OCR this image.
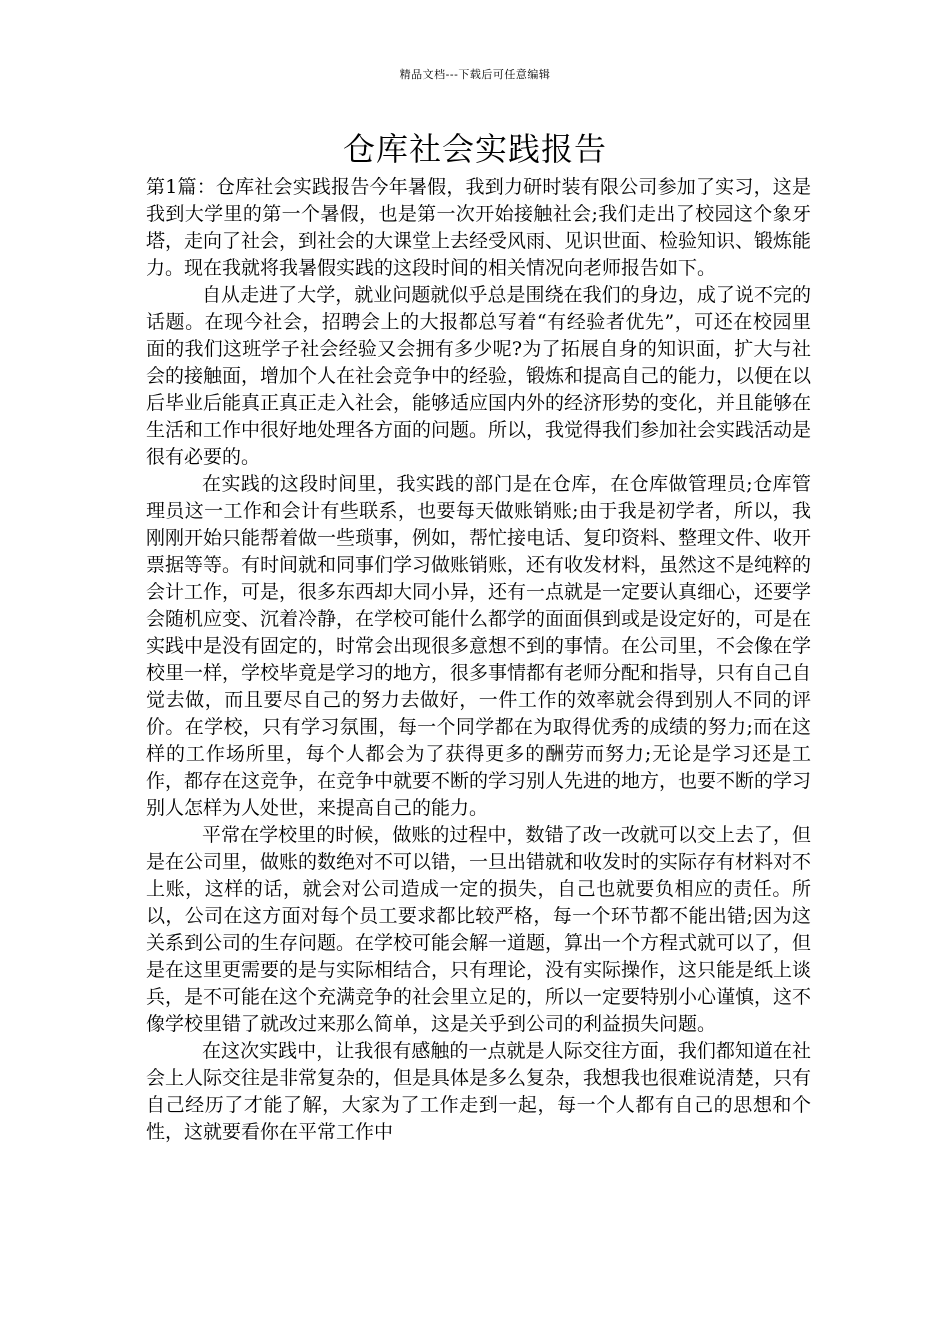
精品文档---下载后可任意编辑
仓库社会实践报告

第1篇：仓库社会实践报告今年暑假，我到力研时装有限公司参加了实习，这是我到大学里的第一个暑假，也是第一次开始接触社会;我们走出了校园这个象牙塔，走向了社会，到社会的大课堂上去经受风雨、见识世面、检验知识、锻炼能力。现在我就将我暑假实践的这段时间的相关情况向老师报告如下。

自从走进了大学，就业问题就似乎总是围绕在我们的身边，成了说不完的话题。在现今社会，招聘会上的大报都总写着“有经验者优先”，可还在校园里面的我们这班学子社会经验又会拥有多少呢?为了拓展自身的知识面，扩大与社会的接触面，增加个人在社会竞争中的经验，锻炼和提高自己的能力，以便在以后毕业后能真正真正走入社会，能够适应国内外的经济形势的变化，并且能够在生活和工作中很好地处理各方面的问题。所以，我觉得我们参加社会实践活动是很有必要的。

在实践的这段时间里，我实践的部门是在仓库，在仓库做管理员;仓库管理员这一工作和会计有些联系，也要每天做账销账;由于我是初学者，所以，我刚刚开始只能帮着做一些琐事，例如，帮忙接电话、复印资料、整理文件、收开票据等等。有时间就和同事们学习做账销账，还有收发材料，虽然这不是纯粹的会计工作，可是，很多东西却大同小异，还有一点就是一定要认真细心，还要学会随机应变、沉着冷静，在学校可能什么都学的面面俱到或是设定好的，可是在实践中是没有固定的，时常会出现很多意想不到的事情。在公司里，不会像在学校里一样，学校毕竟是学习的地方，很多事情都有老师分配和指导，只有自己自觉去做，而且要尽自己的努力去做好，一件工作的效率就会得到别人不同的评价。在学校，只有学习氛围，每一个同学都在为取得优秀的成绩的努力;而在这样的工作场所里，每个人都会为了获得更多的酬劳而努力;无论是学习还是工作，都存在这竞争，在竞争中就要不断的学习别人先进的地方，也要不断的学习别人怎样为人处世，来提高自己的能力。

平常在学校里的时候，做账的过程中，数错了改一改就可以交上去了，但是在公司里，做账的数绝对不可以错，一旦出错就和收发时的实际存有材料对不上账，这样的话，就会对公司造成一定的损失，自己也就要负相应的责任。所以，公司在这方面对每个员工要求都比较严格，每一个环节都不能出错;因为这关系到公司的生存问题。在学校可能会解一道题，算出一个方程式就可以了，但是在这里更需要的是与实际相结合，只有理论，没有实际操作，这只能是纸上谈兵，是不可能在这个充满竞争的社会里立足的，所以一定要特别小心谨慎，这不像学校里错了就改过来那么简单，这是关乎到公司的利益损失问题。

在这次实践中，让我很有感触的一点就是人际交往方面，我们都知道在社会上人际交往是非常复杂的，但是具体是多么复杂，我想我也很难说清楚，只有自己经历了才能了解，大家为了工作走到一起，每一个人都有自己的思想和个性，这就要看你在平常工作中
